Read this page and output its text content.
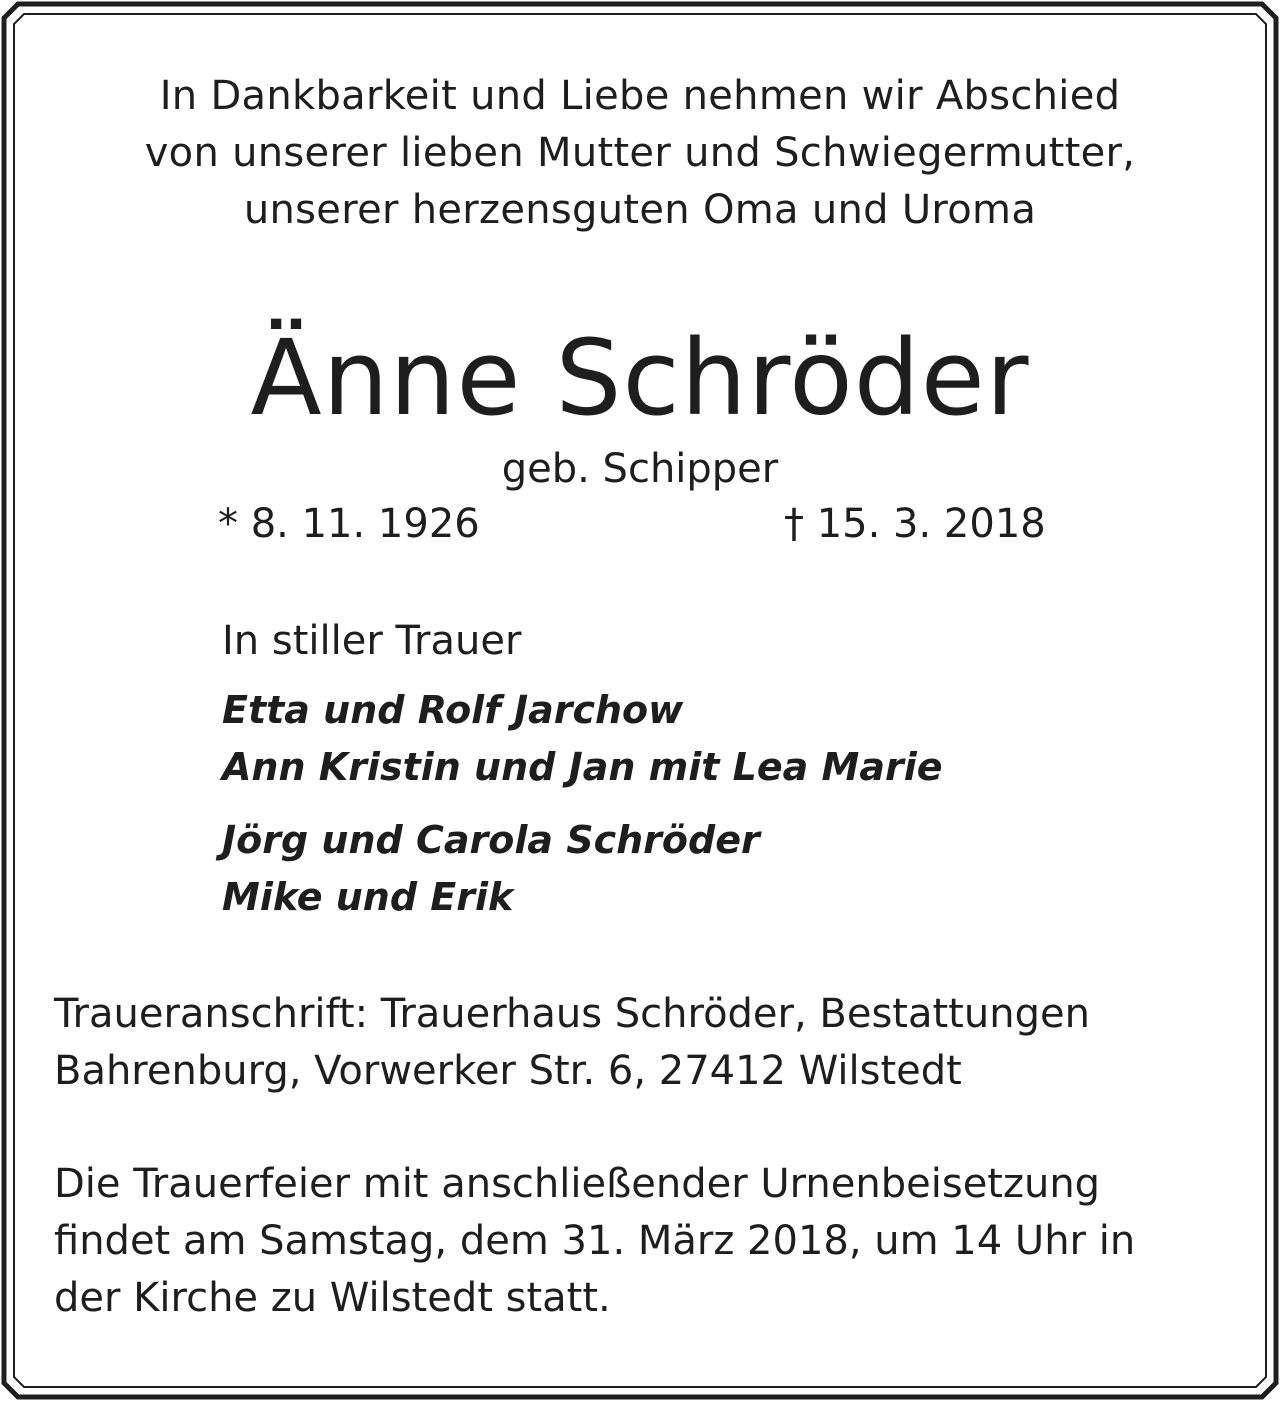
In Dankbarkeit und Liebe nehmen wir Abschied
von unserer lieben Mutter und Schwiegermutter,
unserer herzensguten Oma und Uroma
Änne Schröder
geb. Schipper
* 8. 11. 1926	† 15. 3. 2018
In stiller Trauer
Etta und Rolf Jarchow
Ann Kristin und Jan mit Lea Marie
Jörg und Carola Schröder
Mike und Erik
Traueranschrift: Trauerhaus Schröder, Bestattungen
Bahrenburg, Vorwerker Str. 6, 27412 Wilstedt
Die Trauerfeier mit anschließender Urnenbeisetzung
findet am Samstag, dem 31. März 2018, um 14 Uhr in
der Kirche zu Wilstedt statt.
